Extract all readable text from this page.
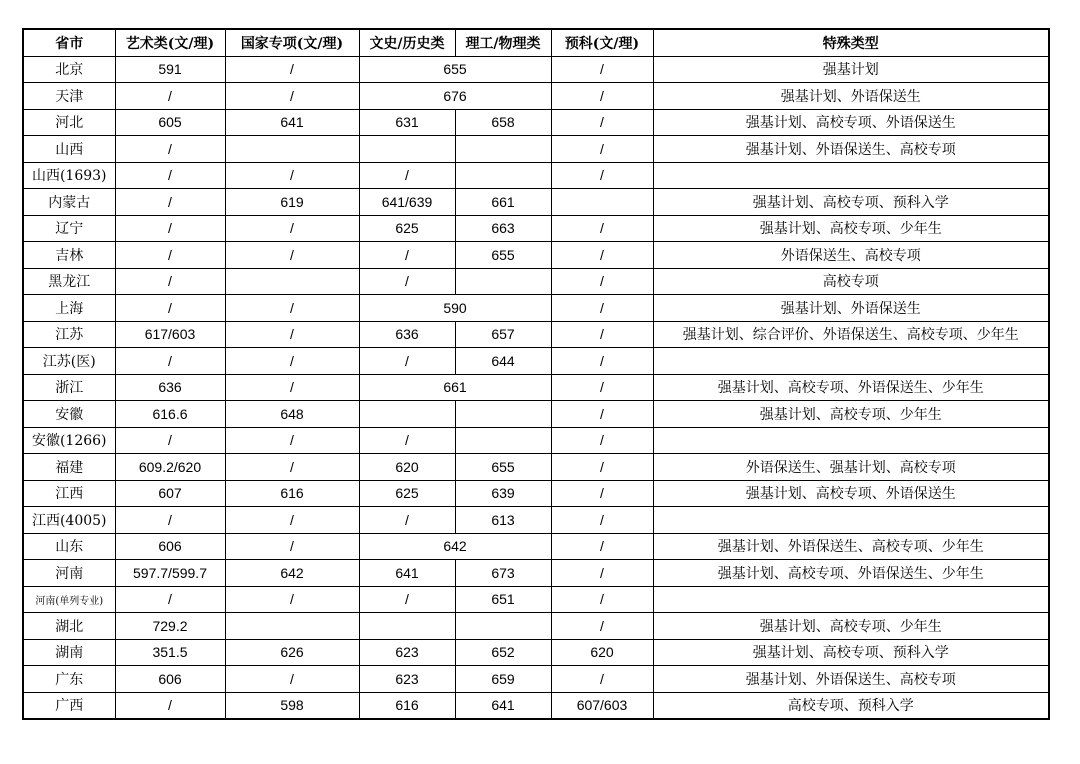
省市	艺术类(文/理)	国家专项(文/理)	文史/历史类	理工/物理类	预科(文/理)	特殊类型
北京	591	/	655		/	强基计划
天津	/	/	676		/	强基计划、外语保送生
河北	605	641	631	658	/	强基计划、高校专项、外语保送生
山西	/				/	强基计划、外语保送生、高校专项
山西(1693)	/	/	/		/	
内蒙古	/	619	641/639	661		强基计划、高校专项、预科入学
辽宁	/	/	625	663	/	强基计划、高校专项、少年生
吉林	/	/	/	655	/	外语保送生、高校专项
黑龙江	/		/		/	高校专项
上海	/	/	590		/	强基计划、外语保送生
江苏	617/603	/	636	657	/	强基计划、综合评价、外语保送生、高校专项、少年生
江苏(医)	/	/	/	644	/	
浙江	636	/	661		/	强基计划、高校专项、外语保送生、少年生
安徽	616.6	648			/	强基计划、高校专项、少年生
安徽(1266)	/	/	/		/	
福建	609.2/620	/	620	655	/	外语保送生、强基计划、高校专项
江西	607	616	625	639	/	强基计划、高校专项、外语保送生
江西(4005)	/	/	/	613	/	
山东	606	/	642		/	强基计划、外语保送生、高校专项、少年生
河南	597.7/599.7	642	641	673	/	强基计划、高校专项、外语保送生、少年生
河南(单列专业)	/	/	/	651	/	
湖北	729.2				/	强基计划、高校专项、少年生
湖南	351.5	626	623	652	620	强基计划、高校专项、预科入学
广东	606	/	623	659	/	强基计划、外语保送生、高校专项
广西	/	598	616	641	607/603	高校专项、预科入学
